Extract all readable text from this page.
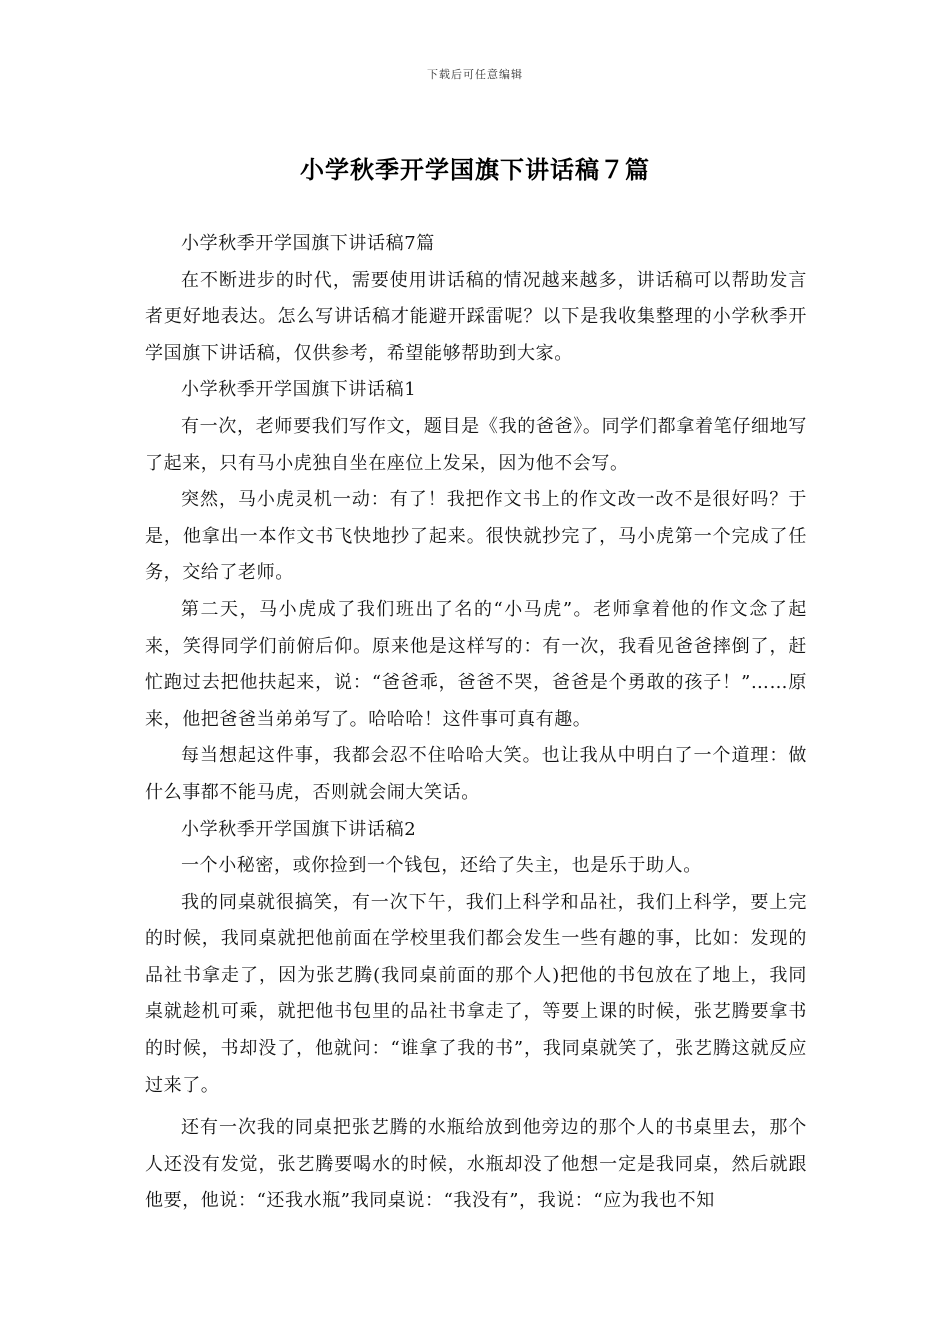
下载后可任意编辑
小学秋季开学国旗下讲话稿７篇

小学秋季开学国旗下讲话稿7篇

在不断进步的时代，需要使用讲话稿的情况越来越多，讲话稿可以帮助发言者更好地表达。怎么写讲话稿才能避开踩雷呢？以下是我收集整理的小学秋季开学国旗下讲话稿，仅供参考，希望能够帮助到大家。

小学秋季开学国旗下讲话稿1

有一次，老师要我们写作文，题目是《我的爸爸》。同学们都拿着笔仔细地写了起来，只有马小虎独自坐在座位上发呆，因为他不会写。

突然，马小虎灵机一动：有了！我把作文书上的作文改一改不是很好吗？于是，他拿出一本作文书飞快地抄了起来。很快就抄完了，马小虎第一个完成了任务，交给了老师。

第二天，马小虎成了我们班出了名的“小马虎”。老师拿着他的作文念了起来，笑得同学们前俯后仰。原来他是这样写的：有一次，我看见爸爸摔倒了，赶忙跑过去把他扶起来，说：“爸爸乖，爸爸不哭，爸爸是个勇敢的孩子！”……原来，他把爸爸当弟弟写了。哈哈哈！这件事可真有趣。

每当想起这件事，我都会忍不住哈哈大笑。也让我从中明白了一个道理：做什么事都不能马虎，否则就会闹大笑话。

小学秋季开学国旗下讲话稿2

一个小秘密，或你捡到一个钱包，还给了失主，也是乐于助人。

我的同桌就很搞笑，有一次下午，我们上科学和品社，我们上科学，要上完的时候，我同桌就把他前面在学校里我们都会发生一些有趣的事，比如：发现的品社书拿走了，因为张艺腾(我同桌前面的那个人)把他的书包放在了地上，我同桌就趁机可乘，就把他书包里的品社书拿走了，等要上课的时候，张艺腾要拿书的时候，书却没了，他就问：“谁拿了我的书”，我同桌就笑了，张艺腾这就反应过来了。

还有一次我的同桌把张艺腾的水瓶给放到他旁边的那个人的书桌里去，那个人还没有发觉，张艺腾要喝水的时候，水瓶却没了他想一定是我同桌，然后就跟他要，他说：“还我水瓶”我同桌说：“我没有”，我说：“应为我也不知
